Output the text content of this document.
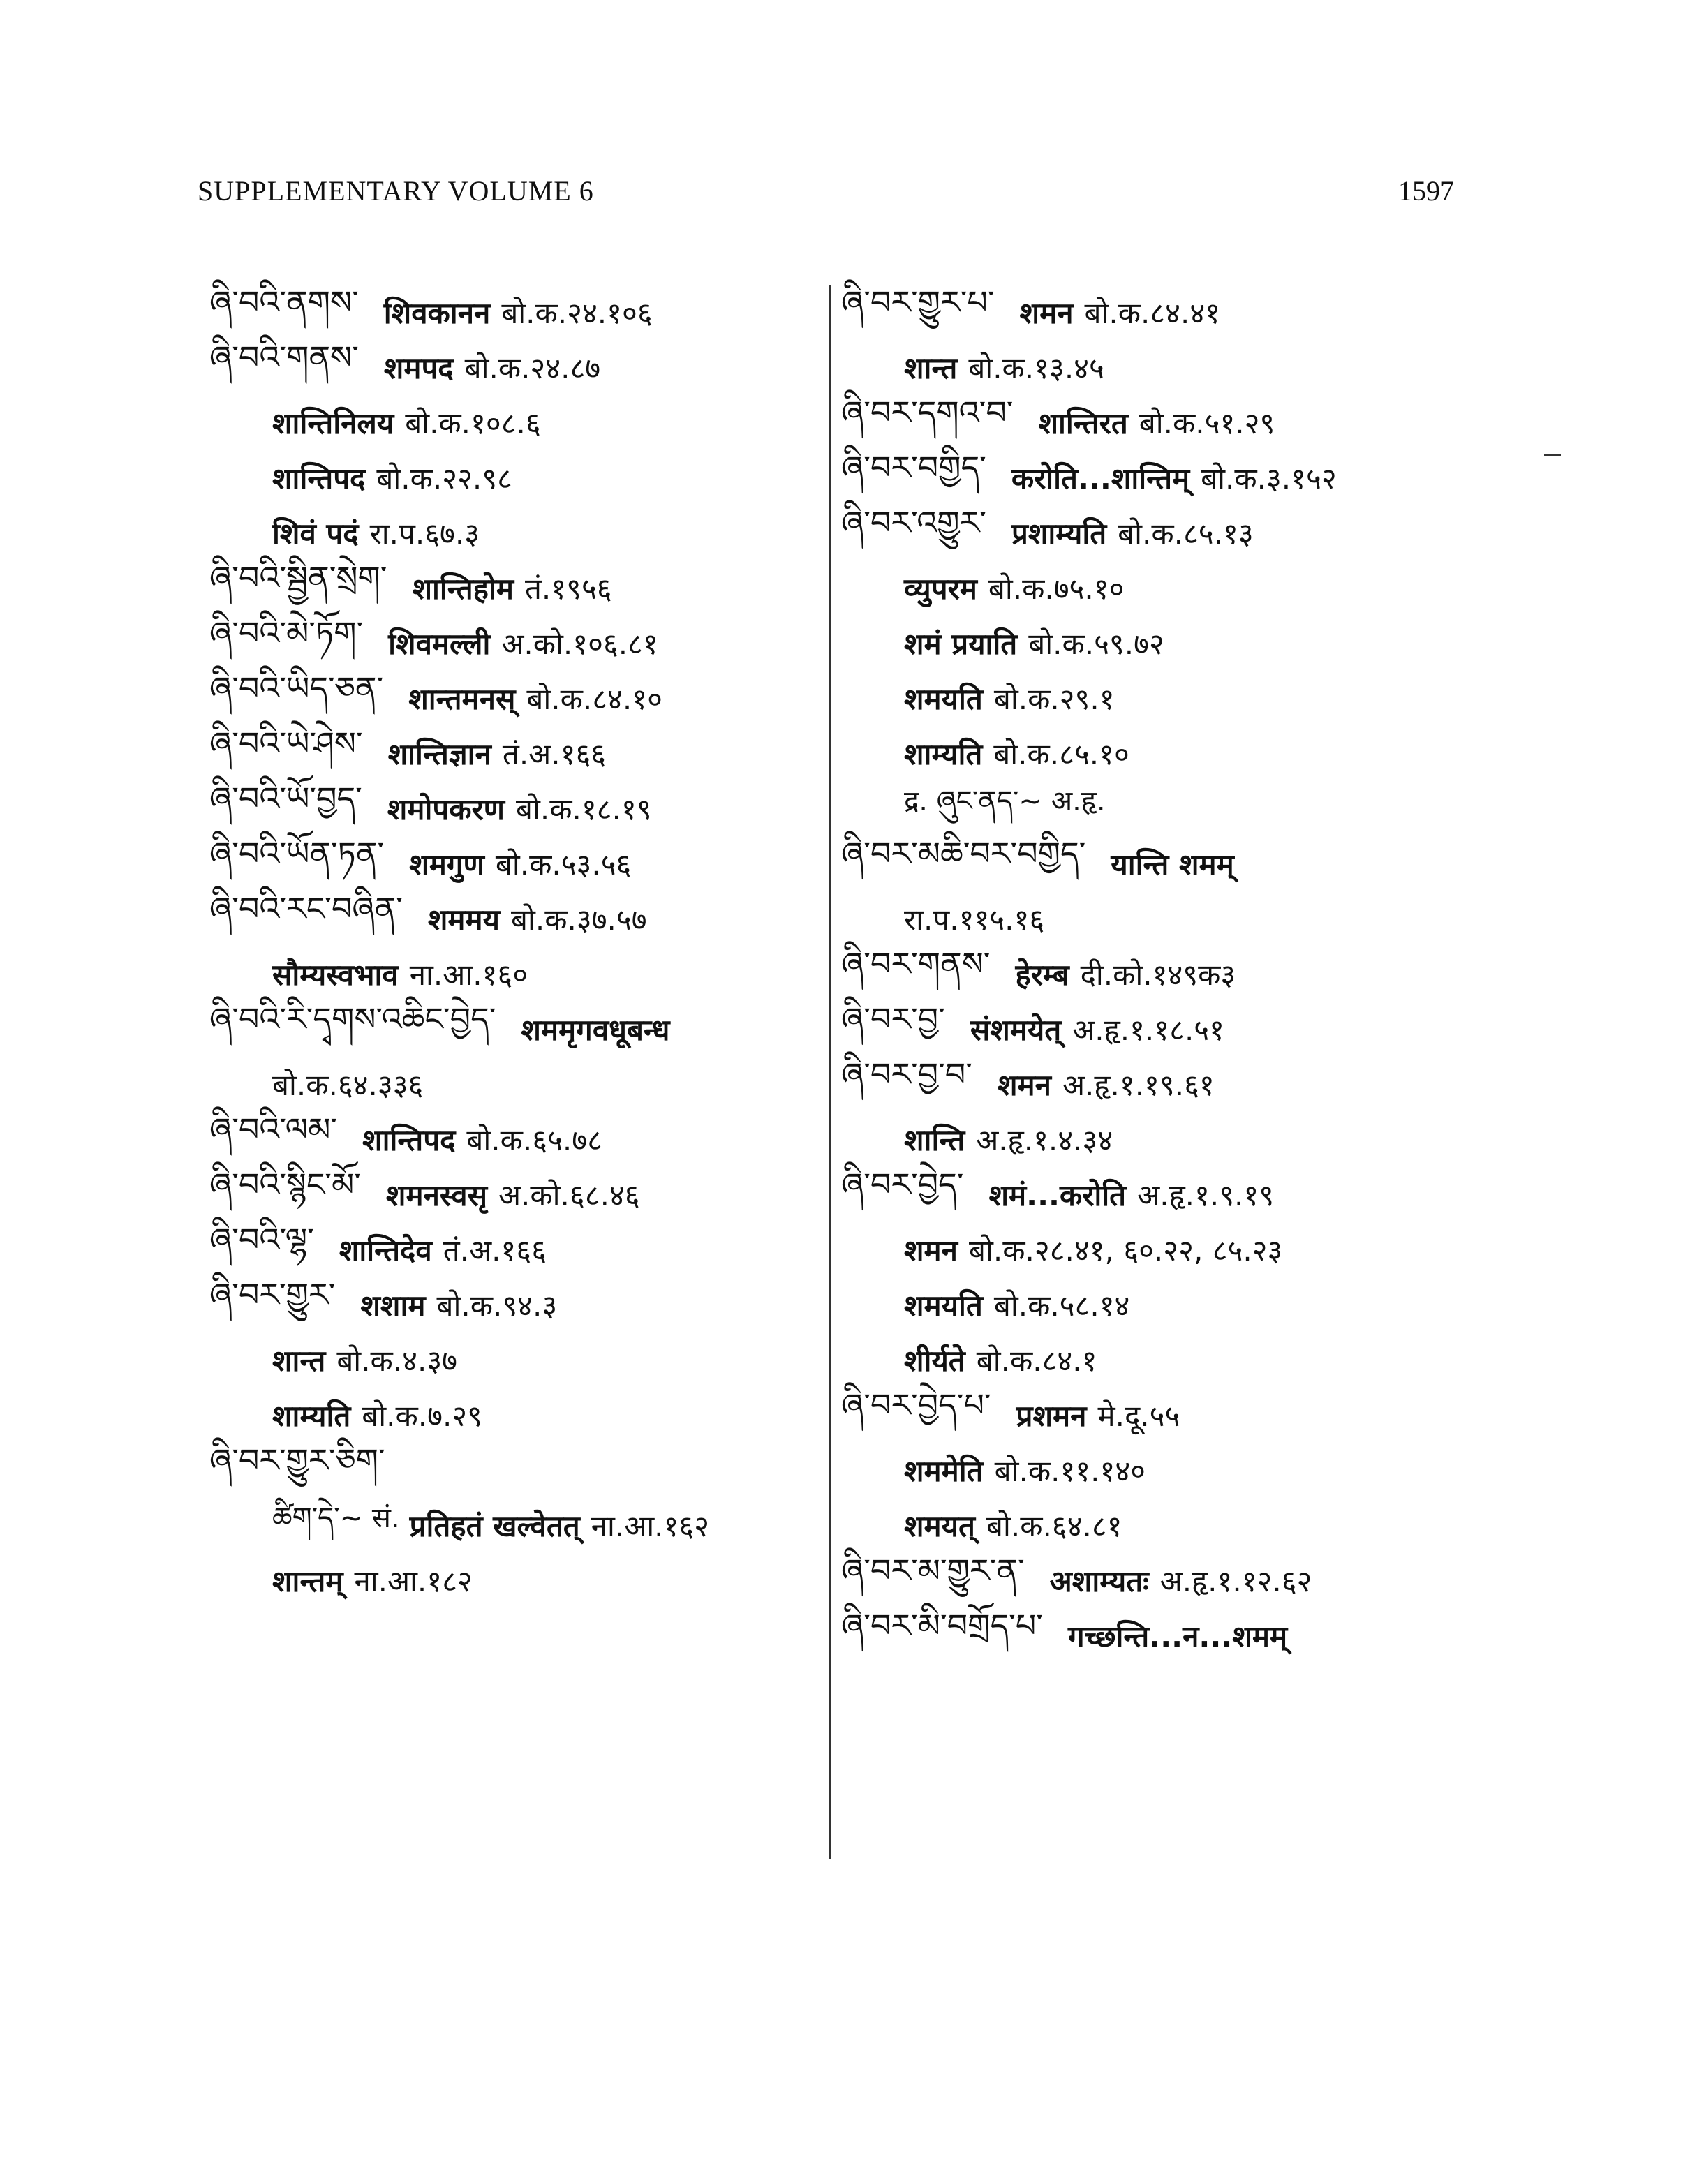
SUPPLEMENTARY VOLUME 6	1597
ཞི་བའི་ནགས་ शिवकानन बो.क.२४.१०६
ཞི་བའི་གནས་ शमपद बो.क.२४.८७
शान्तिनिलय बो.क.१०८.६
शान्तिपद बो.क.२२.९८
शिवं पदं रा.प.६७.३
ཞི་བའི་སྦྱིན་སྲེག་ शान्तिहोम तं.१९५६
ཞི་བའི་མེ་ཏོག་ शिवमल्ली अ.को.१०६.८१
ཞི་བའི་ཡིད་ཅན་ शान्तमनस् बो.क.८४.१०
ཞི་བའི་ཡེ་ཤེས་ शान्तिज्ञान तं.अ.१६६
ཞི་བའི་ཡོ་བྱད་ शमोपकरण बो.क.१८.१९
ཞི་བའི་ཡོན་ཏན་ शमगुण बो.क.५३.५६
ཞི་བའི་རང་བཞིན་ शममय बो.क.३७.५७
सौम्यस्वभाव ना.आ.१६०
ཞི་བའི་རི་དྭགས་འཆིང་བྱེད་ शममृगवधूबन्ध
बो.क.६४.३३६
ཞི་བའི་ལམ་ शान्तिपद बो.क.६५.७८
ཞི་བའི་སྙིང་མོ་ शमनस्वसृ अ.को.६८.४६
ཞི་བའི་ལྷ་ शान्तिदेव तं.अ.१६६
ཞི་བར་གྱུར་ शशाम बो.क.९४.३
शान्त बो.क.४.३७
शाम्यति बो.क.७.२९
ཞི་བར་གྱུར་ཅིག་
ཚིག་དེ་~ सं. प्रतिहतं खल्वेतत् ना.आ.१६२
शान्तम् ना.आ.१८२
ཞི་བར་གྱུར་པ་ शमन बो.क.८४.४१
शान्त बो.क.१३.४५
ཞི་བར་དགའ་བ་ शान्तिरत बो.क.५१.२९
ཞི་བར་བགྱིད་ करोति...शान्तिम् बो.क.३.१५२
ཞི་བར་འགྱུར་ प्रशाम्यति बो.क.८५.१३
व्युपरम बो.क.७५.१०
शमं प्रयाति बो.क.५९.७२
शमयति बो.क.२९.१
शाम्यति बो.क.८५.१०
द्र. ཞུང་ནད་~ अ.हृ.
ཞི་བར་མཆི་བར་བགྱིད་ यान्ति शमम्
रा.प.११५.१६
ཞི་བར་གནས་ हेरम्ब दी.को.१४९क३
ཞི་བར་བྱ་ संशमयेत् अ.हृ.१.१८.५१
ཞི་བར་བྱ་བ་ शमन अ.हृ.१.१९.६१
शान्ति अ.हृ.१.४.३४
ཞི་བར་བྱེད་ शमं...करोति अ.हृ.१.९.१९
शमन बो.क.२८.४१, ६०.२२, ८५.२३
शमयति बो.क.५८.१४
शीर्यते बो.क.८४.१
ཞི་བར་བྱེད་པ་ प्रशमन मे.दू.५५
शममेति बो.क.११.१४०
शमयत् बो.क.६४.८१
ཞི་བར་མ་གྱུར་ན་ अशाम्यतः अ.हृ.१.१२.६२
ཞི་བར་མི་བགྲོད་པ་ गच्छन्ति...न...शमम्
